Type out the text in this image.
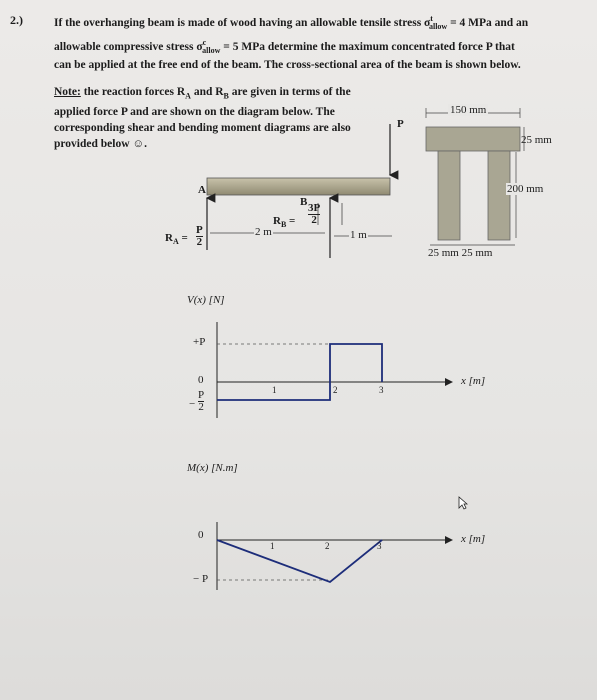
2.)	If the overhanging beam is made of wood having an allowable tensile stress $\sigma^t_{allow} = 4$ MPa and an
allowable compressive stress $\sigma^c_{allow} = 5$ MPa determine the maximum concentrated force P that
can be applied at the free end of the beam. The cross-sectional area of the beam is shown below.
Note: the reaction forces $R_A$ and $R_B$ are given in terms of the
applied force P and are shown on the diagram below. The
corresponding shear and bending moment diagrams are also
provided below ☺.
A
B
P
$R_A$ =
P
2
$R_B$ =
3P
2
2 m	1 m
150 mm
25 mm
200 mm
25 mm 25 mm
V(x) [N]
+P
0
−
P
2
1	2	3
x [m]
M(x) [N.m]
0
− P
1	2	3
x [m]
